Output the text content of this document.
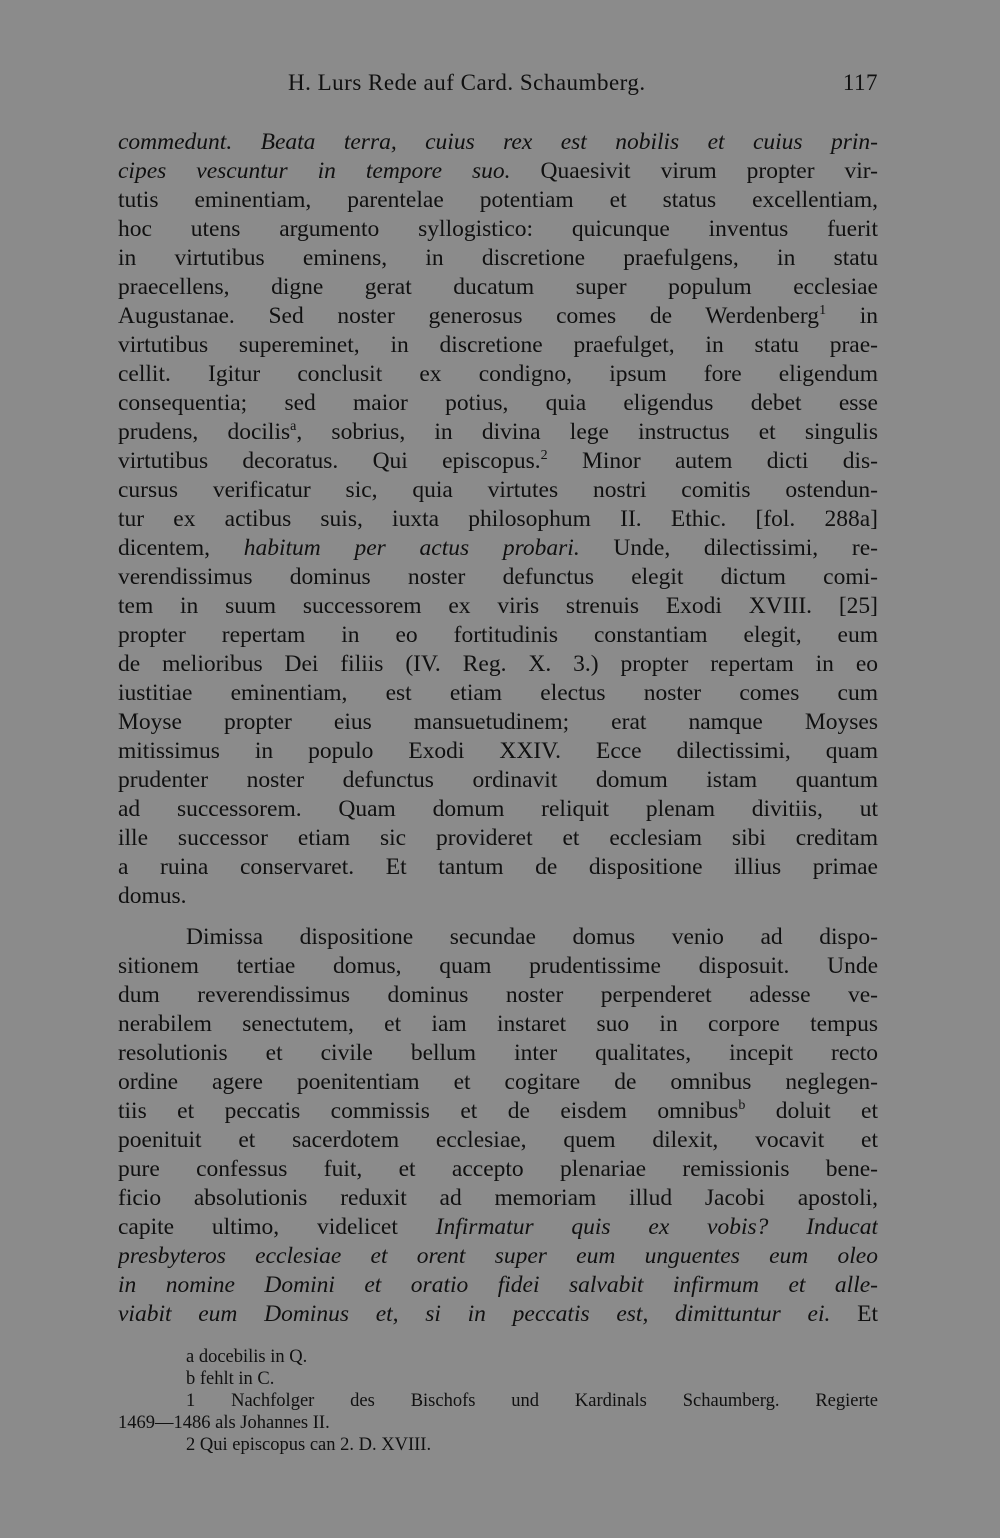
H. Lurs Rede auf Card. Schaumberg.	117
commedunt. Beata terra, cuius rex est nobilis et cuius prin-
cipes vescuntur in tempore suo. Quaesivit virum propter vir-
tutis eminentiam, parentelae potentiam et status excellentiam,
hoc utens argumento syllogistico: quicunque inventus fuerit
in virtutibus eminens, in discretione praefulgens, in statu
praecellens, digne gerat ducatum super populum ecclesiae
Augustanae. Sed noster generosus comes de Werdenberg$^1$ in
virtutibus supereminet, in discretione praefulget, in statu prae-
cellit. Igitur conclusit ex condigno, ipsum fore eligendum
consequentia; sed maior potius, quia eligendus debet esse
prudens, docilis$^a$, sobrius, in divina lege instructus et singulis
virtutibus decoratus. Qui episcopus.$^2$ Minor autem dicti dis-
cursus verificatur sic, quia virtutes nostri comitis ostendun-
tur ex actibus suis, iuxta philosophum II. Ethic. [fol. 288a]
dicentem, habitum per actus probari. Unde, dilectissimi, re-
verendissimus dominus noster defunctus elegit dictum comi-
tem in suum successorem ex viris strenuis Exodi XVIII. [25]
propter repertam in eo fortitudinis constantiam elegit, eum
de melioribus Dei filiis (IV. Reg. X. 3.) propter repertam in eo
iustitiae eminentiam, est etiam electus noster comes cum
Moyse propter eius mansuetudinem; erat namque Moyses
mitissimus in populo Exodi XXIV. Ecce dilectissimi, quam
prudenter noster defunctus ordinavit domum istam quantum
ad successorem. Quam domum reliquit plenam divitiis, ut
ille successor etiam sic provideret et ecclesiam sibi creditam
a ruina conservaret. Et tantum de dispositione illius primae
domus.
Dimissa dispositione secundae domus venio ad dispo-
sitionem tertiae domus, quam prudentissime disposuit. Unde
dum reverendissimus dominus noster perpenderet adesse ve-
nerabilem senectutem, et iam instaret suo in corpore tempus
resolutionis et civile bellum inter qualitates, incepit recto
ordine agere poenitentiam et cogitare de omnibus neglegen-
tiis et peccatis commissis et de eisdem omnibus$^b$ doluit et
poenituit et sacerdotem ecclesiae, quem dilexit, vocavit et
pure confessus fuit, et accepto plenariae remissionis bene-
ficio absolutionis reduxit ad memoriam illud Jacobi apostoli,
capite ultimo, videlicet Infirmatur quis ex vobis? Inducat
presbyteros ecclesiae et orent super eum unguentes eum oleo
in nomine Domini et oratio fidei salvabit infirmum et alle-
viabit eum Dominus et, si in peccatis est, dimittuntur ei. Et
a docebilis in Q.
b fehlt in C.
1 Nachfolger des Bischofs und Kardinals Schaumberg. Regierte
1469—1486 als Johannes II.
2 Qui episcopus can 2. D. XVIII.
